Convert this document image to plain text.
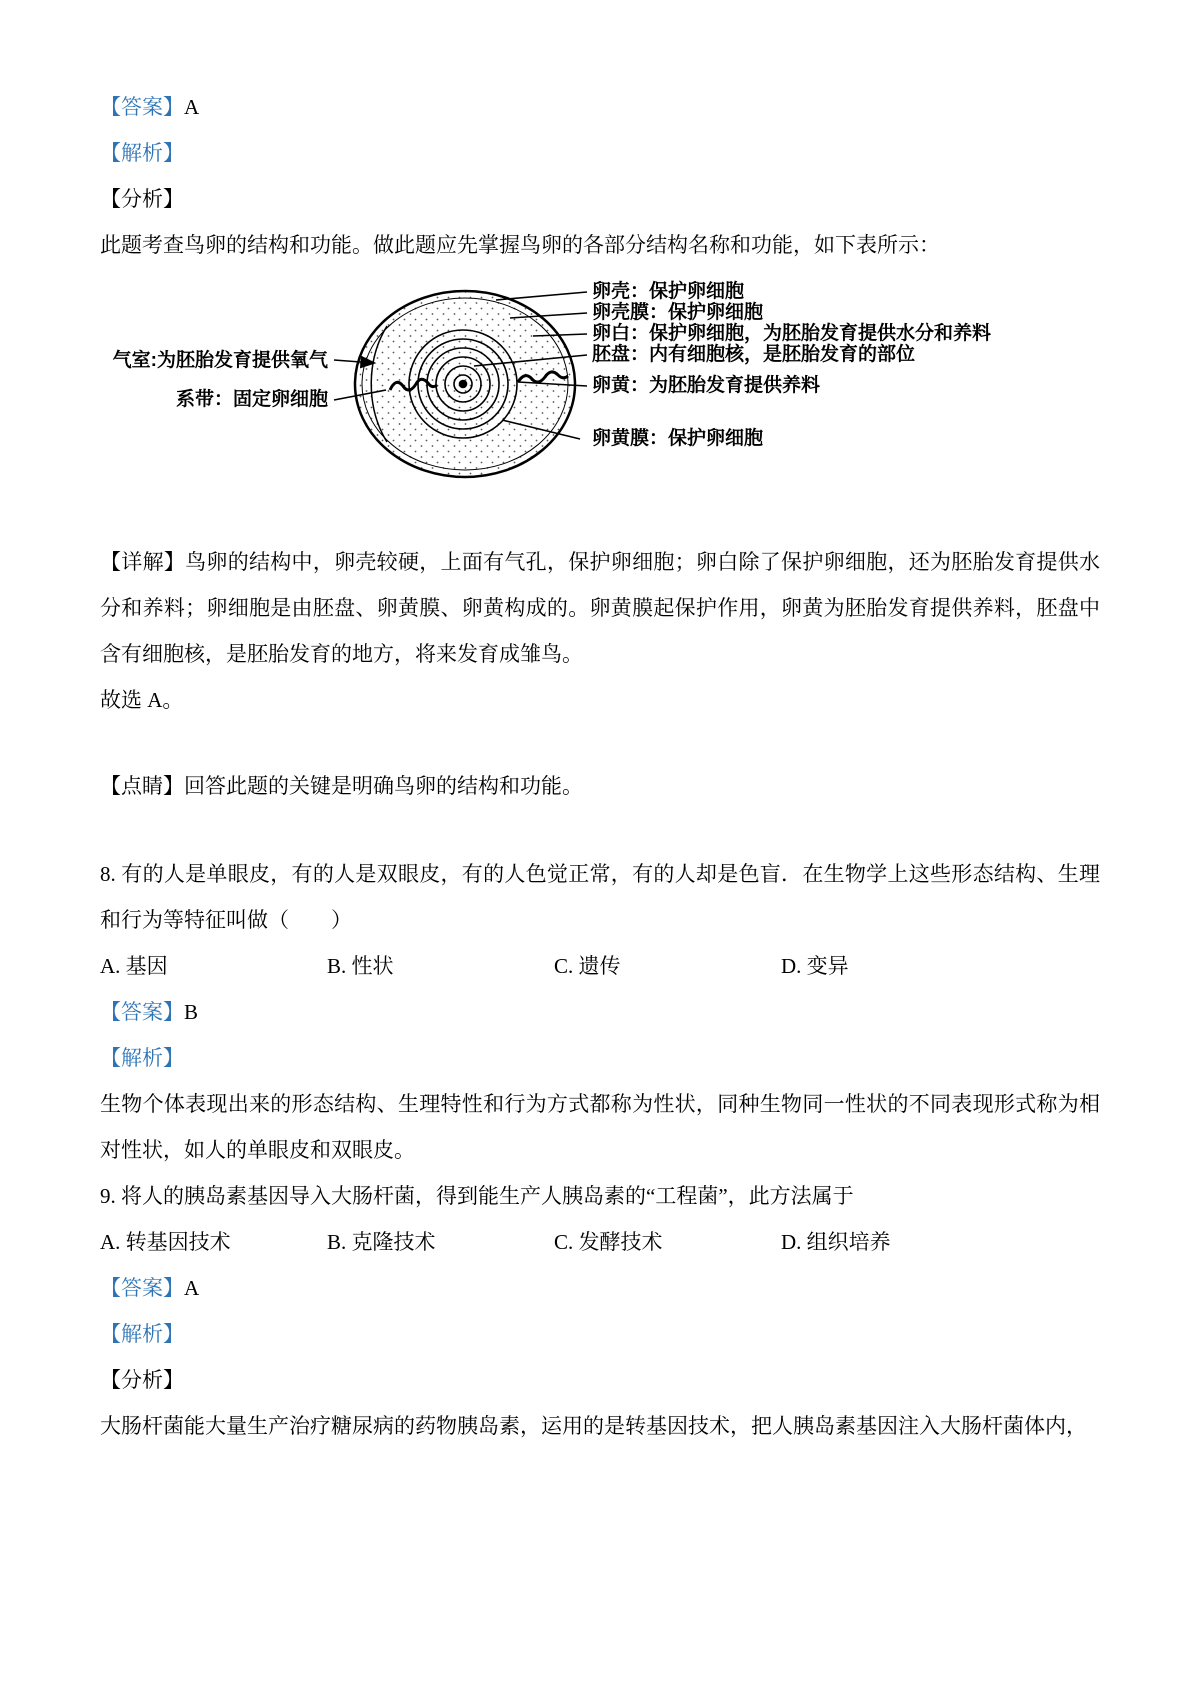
【答案】A

【解析】

【分析】

此题考查鸟卵的结构和功能。做此题应先掌握鸟卵的各部分结构名称和功能，如下表所示：

卵壳：保护卵细胞
卵壳膜：保护卵细胞
卵白：保护卵细胞，为胚胎发育提供水分和养料
胚盘：内有细胞核，是胚胎发育的部位
卵黄：为胚胎发育提供养料
卵黄膜：保护卵细胞
气室:为胚胎发育提供氧气
系带：固定卵细胞

【详解】鸟卵的结构中，卵壳较硬，上面有气孔，保护卵细胞；卵白除了保护卵细胞，还为胚胎发育提供水分和养料；卵细胞是由胚盘、卵黄膜、卵黄构成的。卵黄膜起保护作用，卵黄为胚胎发育提供养料，胚盘中含有细胞核，是胚胎发育的地方，将来发育成雏鸟。

故选 A。

【点睛】回答此题的关键是明确鸟卵的结构和功能。

8. 有的人是单眼皮，有的人是双眼皮，有的人色觉正常，有的人却是色盲．在生物学上这些形态结构、生理和行为等特征叫做（　　）

A. 基因	B. 性状	C. 遗传	D. 变异

【答案】B

【解析】

生物个体表现出来的形态结构、生理特性和行为方式都称为性状，同种生物同一性状的不同表现形式称为相对性状，如人的单眼皮和双眼皮。

9. 将人的胰岛素基因导入大肠杆菌，得到能生产人胰岛素的“工程菌”，此方法属于

A. 转基因技术	B. 克隆技术	C. 发酵技术	D. 组织培养

【答案】A

【解析】

【分析】

大肠杆菌能大量生产治疗糖尿病的药物胰岛素，运用的是转基因技术，把人胰岛素基因注入大肠杆菌体内，
